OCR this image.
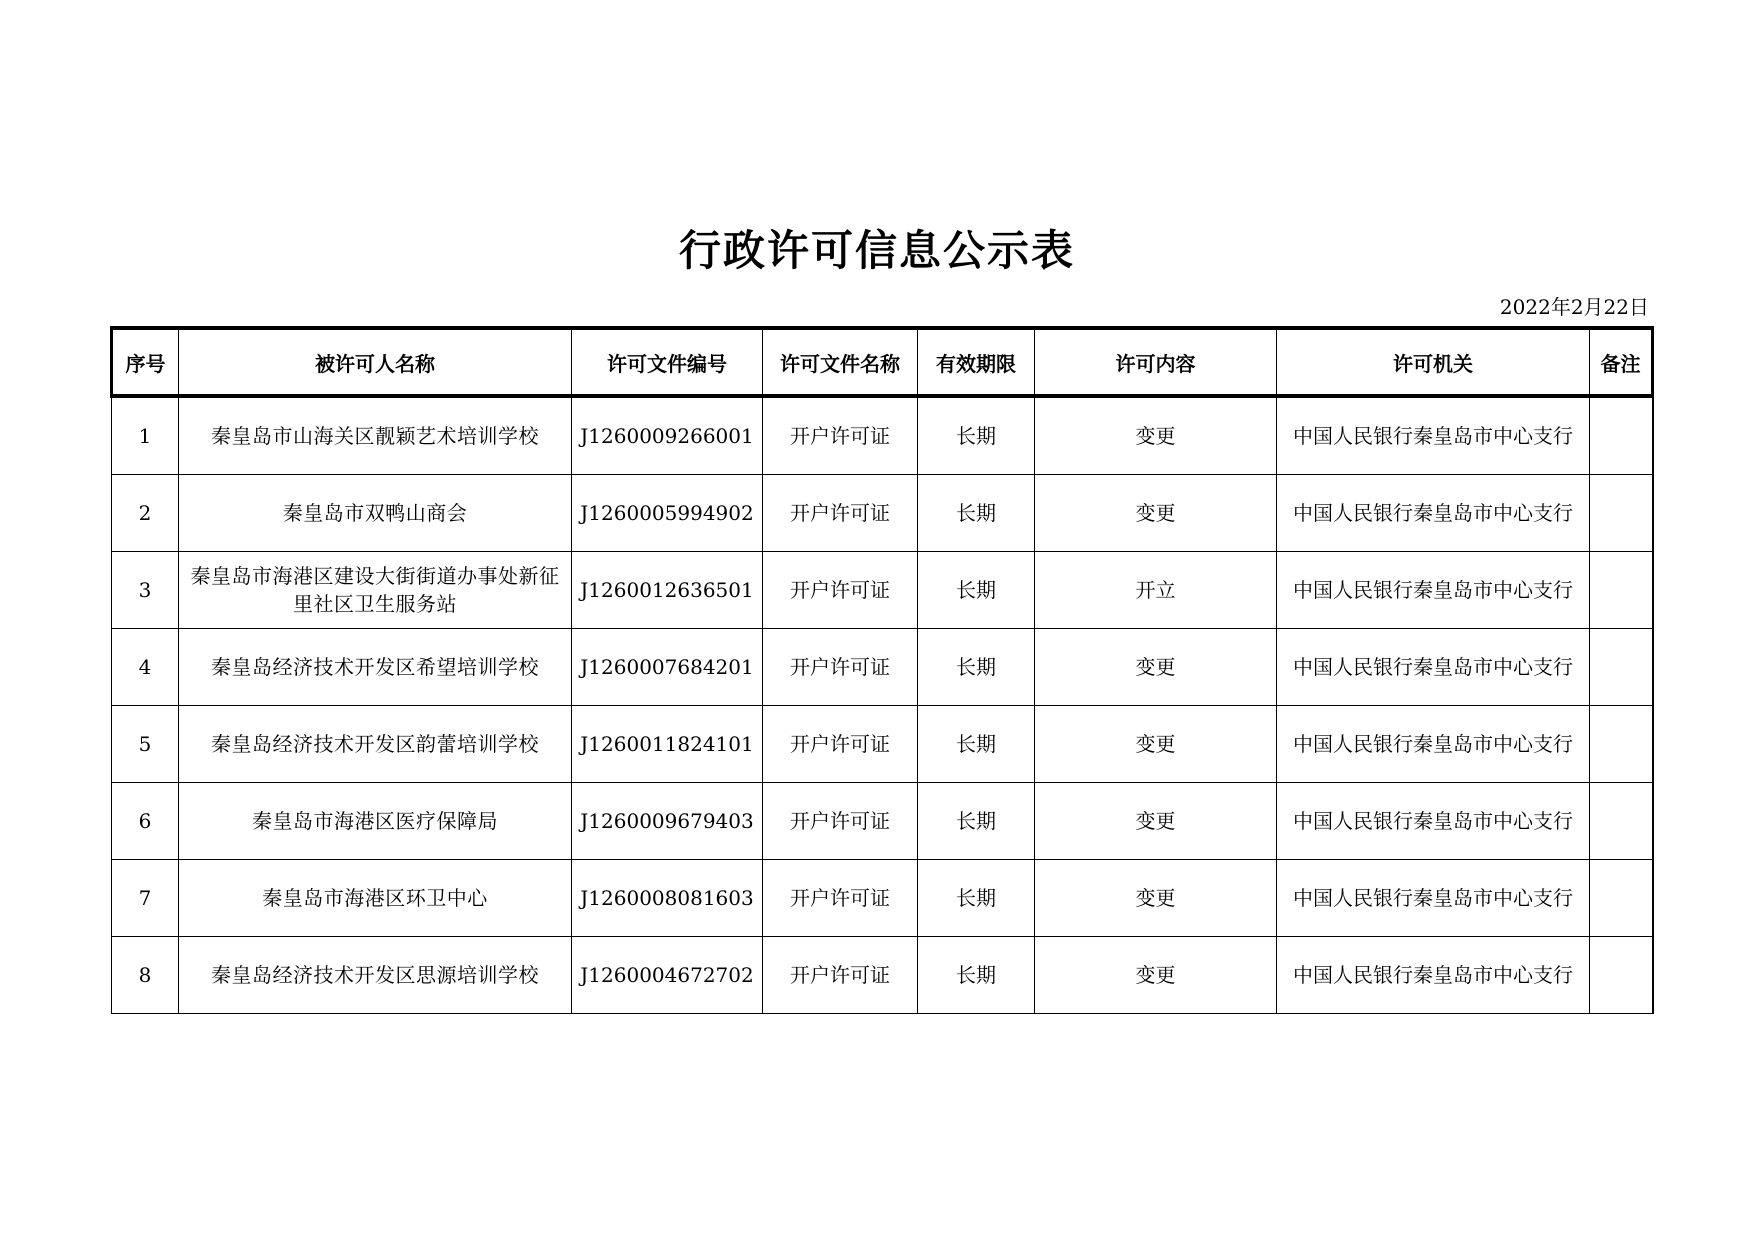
行政许可信息公示表
2022年2月22日
序号	被许可人名称	许可文件编号	许可文件名称	有效期限	许可内容	许可机关	备注
1	秦皇岛市山海关区靓颖艺术培训学校	J1260009266001	开户许可证	长期	变更	中国人民银行秦皇岛市中心支行	
2	秦皇岛市双鸭山商会	J1260005994902	开户许可证	长期	变更	中国人民银行秦皇岛市中心支行	
3	秦皇岛市海港区建设大街街道办事处新征里社区卫生服务站	J1260012636501	开户许可证	长期	开立	中国人民银行秦皇岛市中心支行	
4	秦皇岛经济技术开发区希望培训学校	J1260007684201	开户许可证	长期	变更	中国人民银行秦皇岛市中心支行	
5	秦皇岛经济技术开发区韵蕾培训学校	J1260011824101	开户许可证	长期	变更	中国人民银行秦皇岛市中心支行	
6	秦皇岛市海港区医疗保障局	J1260009679403	开户许可证	长期	变更	中国人民银行秦皇岛市中心支行	
7	秦皇岛市海港区环卫中心	J1260008081603	开户许可证	长期	变更	中国人民银行秦皇岛市中心支行	
8	秦皇岛经济技术开发区思源培训学校	J1260004672702	开户许可证	长期	变更	中国人民银行秦皇岛市中心支行	
